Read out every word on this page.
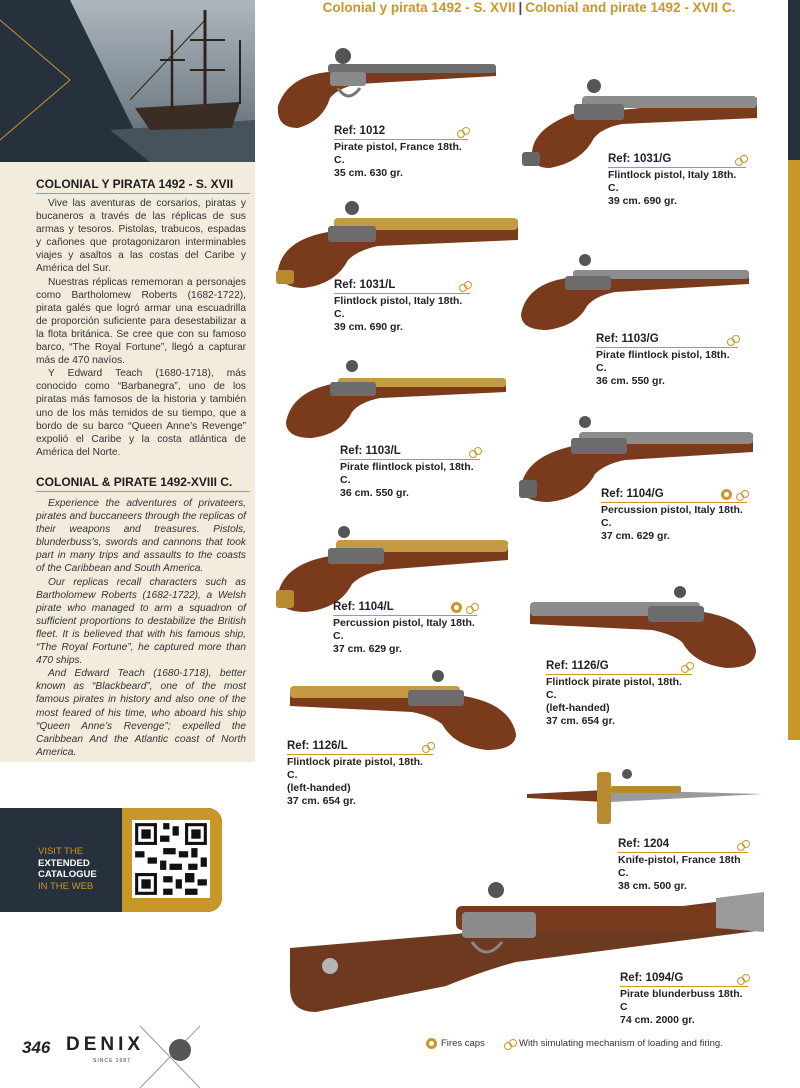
Colonial y pirata 1492 - S. XVII | Colonial and pirate 1492 - XVII C.
COLONIAL Y PIRATA 1492 - S. XVII

Vive las aventuras de corsarios, piratas y bucaneros a través de las réplicas de sus armas y tesoros. Pistolas, trabucos, espadas y cañones que protagonizaron interminables viajes y asaltos a las costas del Caribe y América del Sur.

Nuestras réplicas rememoran a personajes como Bartholomew Roberts (1682-1722), pirata galés que logró armar una escuadrilla de proporción suficiente para desestabilizar a la flota británica. Se cree que con su famoso barco, “The Royal Fortune”, llegó a capturar más de 470 navíos.

Y Edward Teach (1680-1718), más conocido como “Barbanegra”, uno de los piratas más famosos de la historia y también uno de los más temidos de su tiempo, que a bordo de su barco “Queen Anne’s Revenge” expolió el Caribe y la costa atlántica de América del Norte.

COLONIAL & PIRATE 1492-XVIII C.

Experience the adventures of privateers, pirates and buccaneers through the replicas of their weapons and treasures. Pistols, blunderbuss’s, swords and cannons that took part in many trips and assaults to the coasts of the Caribbean and South America.

Our replicas recall characters such as Bartholomew Roberts (1682-1722), a Welsh pirate who managed to arm a squadron of sufficient proportions to destabilize the British fleet. It is believed that with his famous ship, “The Royal Fortune”, he captured more than 470 ships.

And Edward Teach (1680-1718), better known as “Blackbeard”, one of the most famous pirates in history and also one of the most feared of his time, who aboard his ship “Queen Anne’s Revenge”; expelled the Caribbean And the Atlantic coast of North America.

VISIT THE
EXTENDED
CATALOGUE
IN THE WEB
Ref: 1012
Pirate pistol, France 18th. C.
35 cm. 630 gr.
Ref: 1031/G
Flintlock pistol, Italy 18th. C.
39 cm. 690 gr.
Ref: 1031/L
Flintlock pistol, Italy 18th. C.
39 cm. 690 gr.
Ref: 1103/G
Pirate flintlock pistol, 18th. C.
36 cm. 550 gr.
Ref: 1103/L
Pirate flintlock pistol, 18th. C.
36 cm. 550 gr.	Ref: 1104/G
Percussion pistol, Italy 18th. C.
37 cm. 629 gr.
Ref: 1104/L
Percussion pistol, Italy 18th. C.
37 cm. 629 gr.
Ref: 1126/G
Flintlock pirate pistol, 18th. C.
(left-handed)
37 cm. 654 gr.
Ref: 1126/L
Flintlock pirate pistol, 18th. C.
(left-handed)
37 cm. 654 gr.
Ref: 1204
Knife-pistol, France 18th C.
38 cm. 500 gr.
Ref: 1094/G
Pirate blunderbuss 18th. C
74 cm. 2000 gr.
346 DENIX
SINCE 1987
Fires caps	With simulating mechanism of loading and firing.
